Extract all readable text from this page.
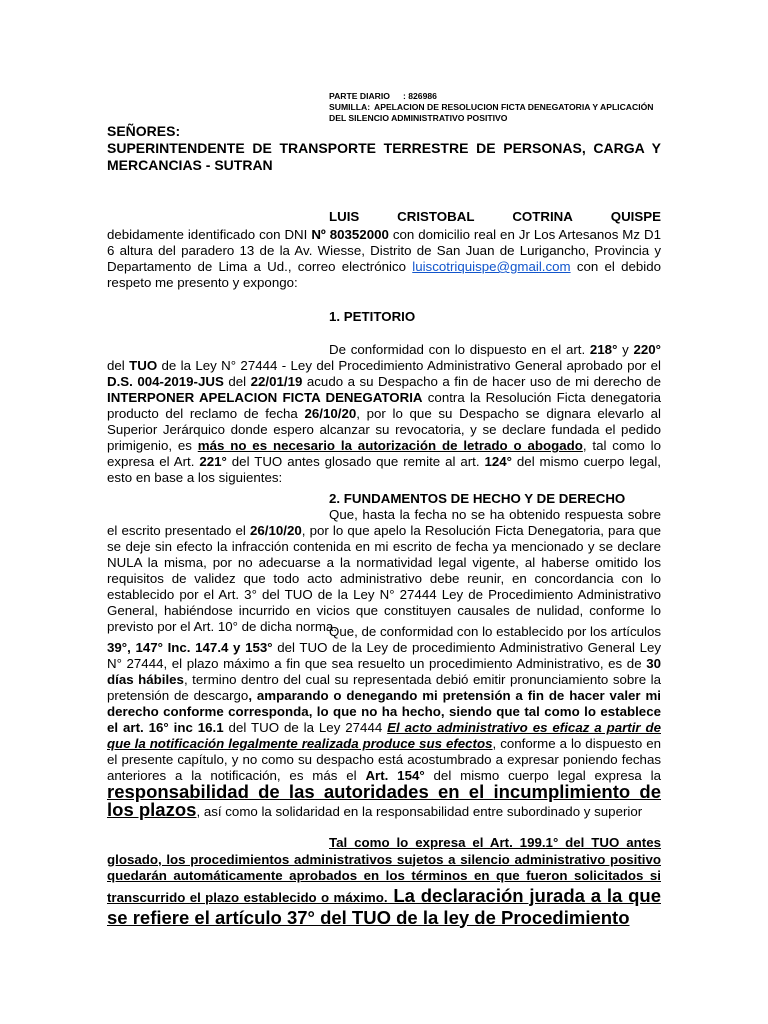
PARTE DIARIO : 826986
SUMILLA: APELACION DE RESOLUCION FICTA DENEGATORIA Y APLICACIÓN
DEL SILENCIO ADMINISTRATIVO POSITIVO
SEÑORES:
SUPERINTENDENTE DE TRANSPORTE TERRESTRE DE PERSONAS, CARGA Y MERCANCIAS - SUTRAN
LUIS	CRISTOBAL	COTRINA	QUISPE
debidamente identificado con DNI Nº 80352000 con domicilio real en Jr Los Artesanos Mz D1 6 altura del paradero 13 de la Av. Wiesse, Distrito de San Juan de Lurigancho, Provincia y Departamento de Lima a Ud., correo electrónico luiscotriquispe@gmail.com con el debido respeto me presento y expongo:
1. PETITORIO
De conformidad con lo dispuesto en el art. 218° y 220° del TUO de la Ley N° 27444 - Ley del Procedimiento Administrativo General aprobado por el D.S. 004-2019-JUS del 22/01/19 acudo a su Despacho a fin de hacer uso de mi derecho de INTERPONER APELACION FICTA DENEGATORIA contra la Resolución Ficta denegatoria producto del reclamo de fecha 26/10/20, por lo que su Despacho se dignara elevarlo al Superior Jerárquico donde espero alcanzar su revocatoria, y se declare fundada el pedido primigenio, es más no es necesario la autorización de letrado o abogado, tal como lo expresa el Art. 221° del TUO antes glosado que remite al art. 124° del mismo cuerpo legal, esto en base a los siguientes:
2. FUNDAMENTOS DE HECHO Y DE DERECHO
Que, hasta la fecha no se ha obtenido respuesta sobre el escrito presentado el 26/10/20, por lo que apelo la Resolución Ficta Denegatoria, para que se deje sin efecto la infracción contenida en mi escrito de fecha ya mencionado y se declare NULA la misma, por no adecuarse a la normatividad legal vigente, al haberse omitido los requisitos de validez que todo acto administrativo debe reunir, en concordancia con lo establecido por el Art. 3° del TUO de la Ley N° 27444 Ley de Procedimiento Administrativo General, habiéndose incurrido en vicios que constituyen causales de nulidad, conforme lo previsto por el Art. 10° de dicha norma.
Que, de conformidad con lo establecido por los artículos 39°, 147° Inc. 147.4 y 153° del TUO de la Ley de procedimiento Administrativo General Ley N° 27444, el plazo máximo a fin que sea resuelto un procedimiento Administrativo, es de 30 días hábiles, termino dentro del cual su representada debió emitir pronunciamiento sobre la pretensión de descargo, amparando o denegando mi pretensión a fin de hacer valer mi derecho conforme corresponda, lo que no ha hecho, siendo que tal como lo establece el art. 16° inc 16.1 del TUO de la Ley 27444 El acto administrativo es eficaz a partir de que la notificación legalmente realizada produce sus efectos, conforme a lo dispuesto en el presente capítulo, y no como su despacho está acostumbrado a expresar poniendo fechas anteriores a la notificación, es más el Art. 154° del mismo cuerpo legal expresa la responsabilidad de las autoridades en el incumplimiento de los plazos, así como la solidaridad en la responsabilidad entre subordinado y superior
Tal como lo expresa el Art. 199.1° del TUO antes glosado, los procedimientos administrativos sujetos a silencio administrativo positivo quedarán automáticamente aprobados en los términos en que fueron solicitados si transcurrido el plazo establecido o máximo. La declaración jurada a la que se refiere el artículo 37° del TUO de la ley de Procedimiento
